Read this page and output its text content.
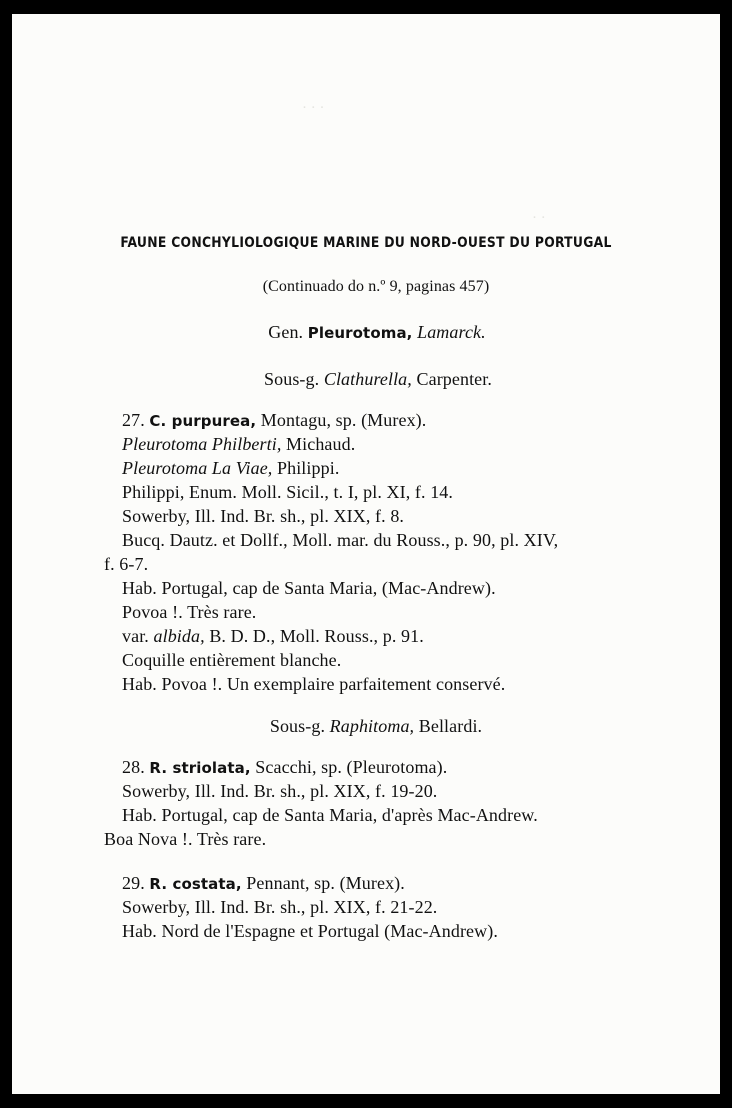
· · ·
· ·
FAUNE CONCHYLIOLOGIQUE MARINE DU NORD-OUEST DU PORTUGAL
(Continuado do n.º 9, paginas 457)
Gen. Pleurotoma, Lamarck.
Sous-g. Clathurella, Carpenter.
27. C. purpurea, Montagu, sp. (Murex).
Pleurotoma Philberti, Michaud.
Pleurotoma La Viae, Philippi.
Philippi, Enum. Moll. Sicil., t. I, pl. XI, f. 14.
Sowerby, Ill. Ind. Br. sh., pl. XIX, f. 8.
Bucq. Dautz. et Dollf., Moll. mar. du Rouss., p. 90, pl. XIV,
f. 6-7.
Hab. Portugal, cap de Santa Maria, (Mac-Andrew).
Povoa !. Très rare.
var. albida, B. D. D., Moll. Rouss., p. 91.
Coquille entièrement blanche.
Hab. Povoa !. Un exemplaire parfaitement conservé.
Sous-g. Raphitoma, Bellardi.
28. R. striolata, Scacchi, sp. (Pleurotoma).
Sowerby, Ill. Ind. Br. sh., pl. XIX, f. 19-20.
Hab. Portugal, cap de Santa Maria, d'après Mac-Andrew.
Boa Nova !. Très rare.
29. R. costata, Pennant, sp. (Murex).
Sowerby, Ill. Ind. Br. sh., pl. XIX, f. 21-22.
Hab. Nord de l'Espagne et Portugal (Mac-Andrew).
